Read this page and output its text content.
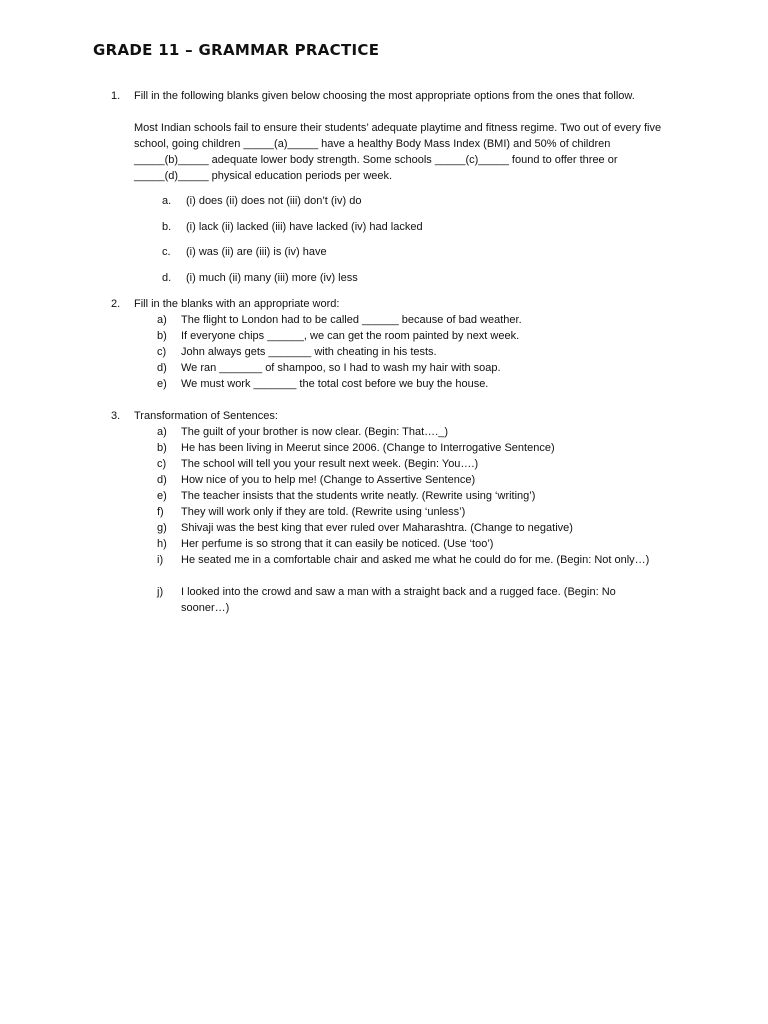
GRADE 11 – GRAMMAR PRACTICE
1. Fill in the following blanks given below choosing the most appropriate options from the ones that follow.
Most Indian schools fail to ensure their students’ adequate playtime and fitness regime. Two out of every five school, going children _____(a)_____ have a healthy Body Mass Index (BMI) and 50% of children _____(b)_____ adequate lower body strength. Some schools _____(c)_____ found to offer three or _____(d)_____ physical education periods per week.
a. (i) does (ii) does not (iii) don’t (iv) do
b. (i) lack (ii) lacked (iii) have lacked (iv) had lacked
c. (i) was (ii) are (iii) is (iv) have
d. (i) much (ii) many (iii) more (iv) less
2. Fill in the blanks with an appropriate word:
a) The flight to London had to be called ______ because of bad weather.
b) If everyone chips ______, we can get the room painted by next week.
c) John always gets _______ with cheating in his tests.
d) We ran _______ of shampoo, so I had to wash my hair with soap.
e) We must work _______ the total cost before we buy the house.
3. Transformation of Sentences:
a) The guilt of your brother is now clear. (Begin: That…._)
b) He has been living in Meerut since 2006. (Change to Interrogative Sentence)
c) The school will tell you your result next week. (Begin: You….)
d) How nice of you to help me! (Change to Assertive Sentence)
e) The teacher insists that the students write neatly. (Rewrite using ‘writing’)
f) They will work only if they are told. (Rewrite using ‘unless’)
g) Shivaji was the best king that ever ruled over Maharashtra. (Change to negative)
h) Her perfume is so strong that it can easily be noticed. (Use ‘too’)
i) He seated me in a comfortable chair and asked me what he could do for me. (Begin: Not only…)
j) I looked into the crowd and saw a man with a straight back and a rugged face. (Begin: No sooner…)
